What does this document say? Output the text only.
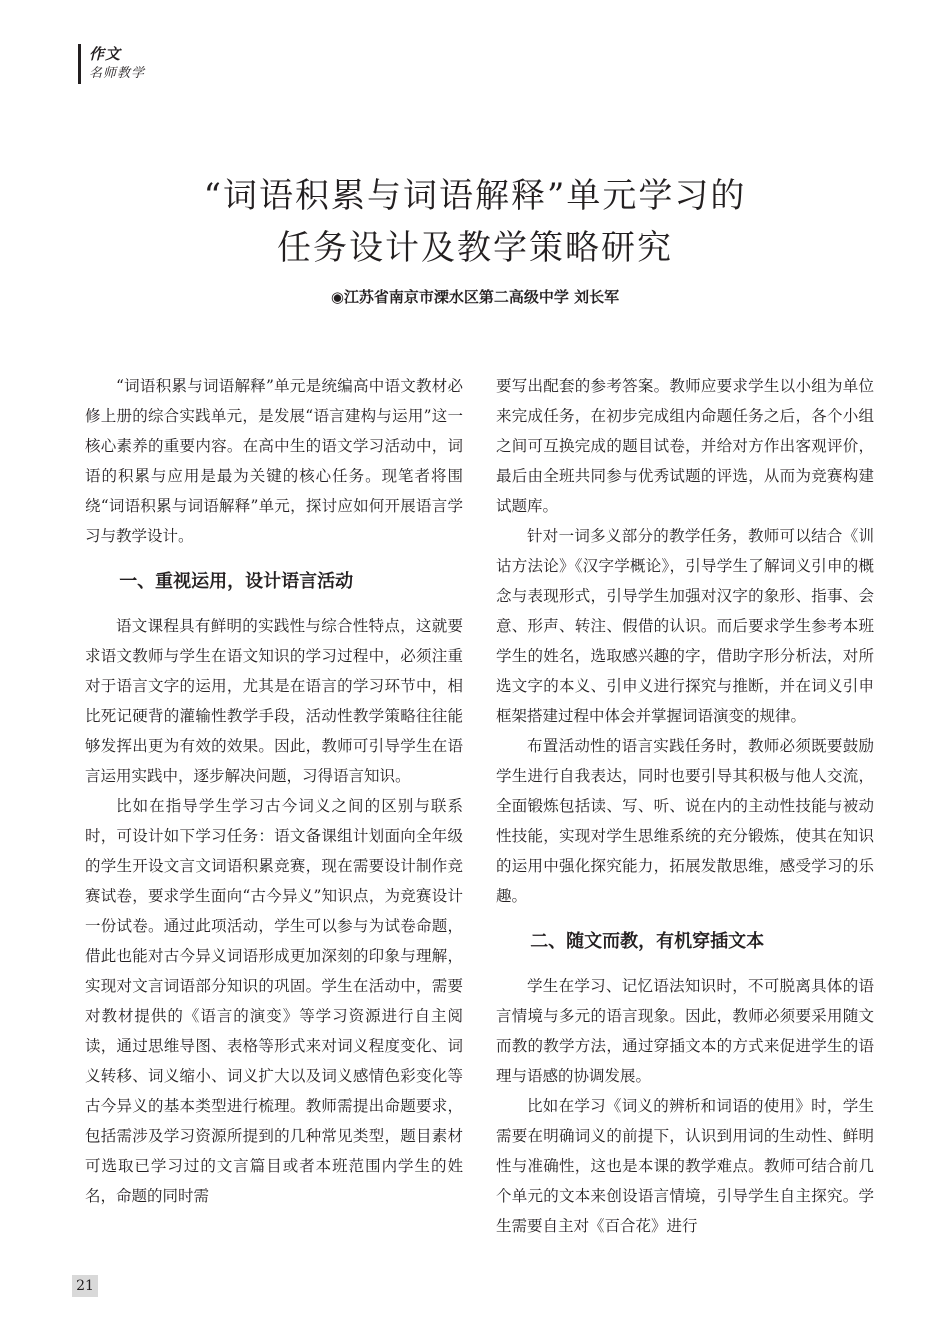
作文
名师教学
“词语积累与词语解释”单元学习的
任务设计及教学策略研究
◉江苏省南京市溧水区第二高级中学 刘长军

“词语积累与词语解释”单元是统编高中语文教材必修上册的综合实践单元，是发展“语言建构与运用”这一核心素养的重要内容。在高中生的语文学习活动中，词语的积累与应用是最为关键的核心任务。现笔者将围绕“词语积累与词语解释”单元，探讨应如何开展语言学习与教学设计。

一、重视运用，设计语言活动

语文课程具有鲜明的实践性与综合性特点，这就要求语文教师与学生在语文知识的学习过程中，必须注重对于语言文字的运用，尤其是在语言的学习环节中，相比死记硬背的灌输性教学手段，活动性教学策略往往能够发挥出更为有效的效果。因此，教师可引导学生在语言运用实践中，逐步解决问题，习得语言知识。

比如在指导学生学习古今词义之间的区别与联系时，可设计如下学习任务：语文备课组计划面向全年级的学生开设文言文词语积累竞赛，现在需要设计制作竞赛试卷，要求学生面向“古今异义”知识点，为竞赛设计一份试卷。通过此项活动，学生可以参与为试卷命题，借此也能对古今异义词语形成更加深刻的印象与理解，实现对文言词语部分知识的巩固。学生在活动中，需要对教材提供的《语言的演变》等学习资源进行自主阅读，通过思维导图、表格等形式来对词义程度变化、词义转移、词义缩小、词义扩大以及词义感情色彩变化等古今异义的基本类型进行梳理。教师需提出命题要求，包括需涉及学习资源所提到的几种常见类型，题目素材可选取已学习过的文言篇目或者本班范围内学生的姓名，命题的同时需

要写出配套的参考答案。教师应要求学生以小组为单位来完成任务，在初步完成组内命题任务之后，各个小组之间可互换完成的题目试卷，并给对方作出客观评价，最后由全班共同参与优秀试题的评选，从而为竞赛构建试题库。

针对一词多义部分的教学任务，教师可以结合《训诂方法论》《汉字学概论》，引导学生了解词义引申的概念与表现形式，引导学生加强对汉字的象形、指事、会意、形声、转注、假借的认识。而后要求学生参考本班学生的姓名，选取感兴趣的字，借助字形分析法，对所选文字的本义、引申义进行探究与推断，并在词义引申框架搭建过程中体会并掌握词语演变的规律。

布置活动性的语言实践任务时，教师必须既要鼓励学生进行自我表达，同时也要引导其积极与他人交流，全面锻炼包括读、写、听、说在内的主动性技能与被动性技能，实现对学生思维系统的充分锻炼，使其在知识的运用中强化探究能力，拓展发散思维，感受学习的乐趣。

二、随文而教，有机穿插文本

学生在学习、记忆语法知识时，不可脱离具体的语言情境与多元的语言现象。因此，教师必须要采用随文而教的教学方法，通过穿插文本的方式来促进学生的语理与语感的协调发展。

比如在学习《词义的辨析和词语的使用》时，学生需要在明确词义的前提下，认识到用词的生动性、鲜明性与准确性，这也是本课的教学难点。教师可结合前几个单元的文本来创设语言情境，引导学生自主探究。学生需要自主对《百合花》进行

21
